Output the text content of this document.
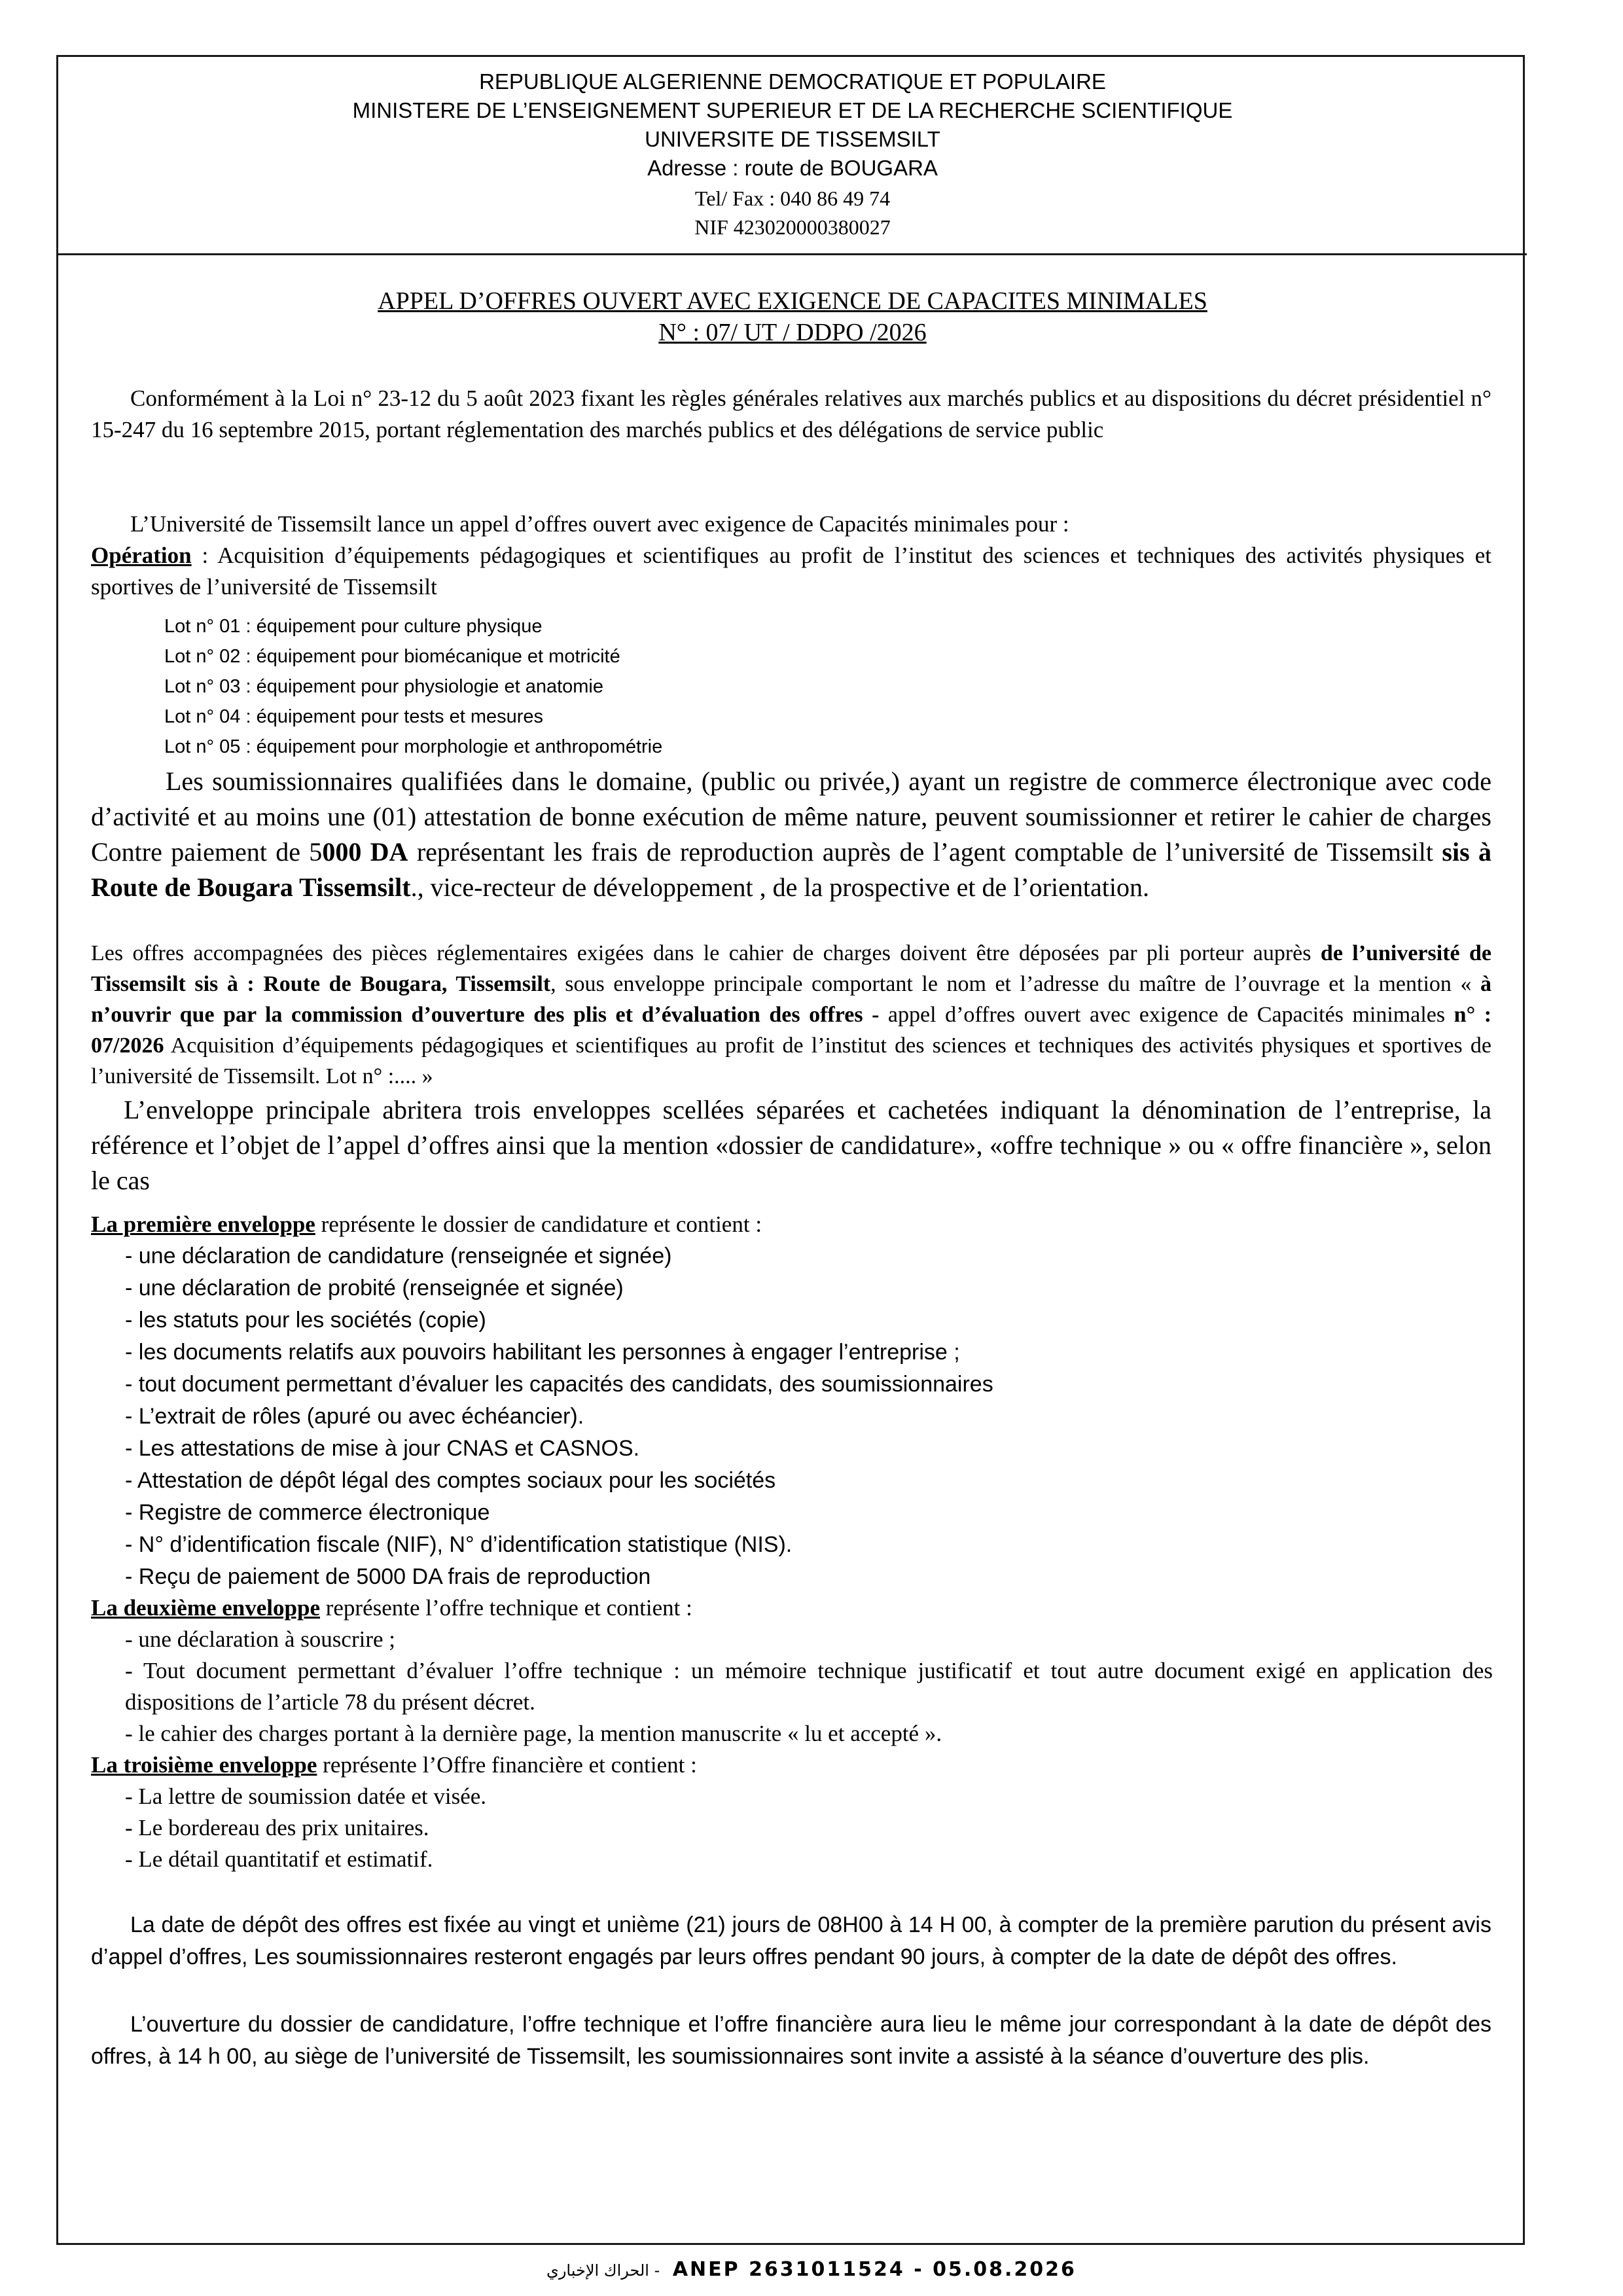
REPUBLIQUE ALGERIENNE DEMOCRATIQUE ET POPULAIRE
MINISTERE DE L’ENSEIGNEMENT SUPERIEUR ET DE LA RECHERCHE SCIENTIFIQUE
UNIVERSITE DE TISSEMSILT
Adresse : route de BOUGARA
Tel/ Fax : 040 86 49 74
NIF 423020000380027
APPEL D’OFFRES OUVERT AVEC EXIGENCE DE CAPACITES MINIMALES
N° : 07/ UT / DDPO /2026
Conformément à la Loi n° 23-12 du 5 août 2023 fixant les règles générales relatives aux marchés publics et au dispositions du décret présidentiel n° 15-247 du 16 septembre 2015, portant réglementation des marchés publics et des délégations de service public
L’Université de Tissemsilt lance un appel d’offres ouvert avec exigence de Capacités minimales pour :
Opération : Acquisition d’équipements pédagogiques et scientifiques au profit de l’institut des sciences et techniques des activités physiques et sportives de l’université de Tissemsilt
Lot n° 01 : équipement pour culture physique
Lot n° 02 : équipement pour biomécanique et motricité
Lot n° 03 : équipement pour physiologie et anatomie
Lot n° 04 : équipement pour tests et mesures
Lot n° 05 : équipement pour morphologie et anthropométrie
Les soumissionnaires qualifiées dans le domaine, (public ou privée,) ayant un registre de commerce électronique avec code d’activité et au moins une (01) attestation de bonne exécution de même nature, peuvent soumissionner et retirer le cahier de charges Contre paiement de 5000 DA représentant les frais de reproduction auprès de l’agent comptable de l’université de Tissemsilt sis à Route de Bougara Tissemsilt., vice-recteur de développement , de la prospective et de l’orientation.
Les offres accompagnées des pièces réglementaires exigées dans le cahier de charges doivent être déposées par pli porteur auprès de l’université de Tissemsilt sis à : Route de Bougara, Tissemsilt, sous enveloppe principale comportant le nom et l’adresse du maître de l’ouvrage et la mention « à n’ouvrir que par la commission d’ouverture des plis et d’évaluation des offres - appel d’offres ouvert avec exigence de Capacités minimales n° : 07/2026 Acquisition d’équipements pédagogiques et scientifiques au profit de l’institut des sciences et techniques des activités physiques et sportives de l’université de Tissemsilt. Lot n° :.... »
L’enveloppe principale abritera trois enveloppes scellées séparées et cachetées indiquant la dénomination de l’entreprise, la référence et l’objet de l’appel d’offres ainsi que la mention «dossier de candidature», «offre technique » ou « offre financière », selon le cas
La première enveloppe représente le dossier de candidature et contient :
- une déclaration de candidature (renseignée et signée)
- une déclaration de probité (renseignée et signée)
- les statuts pour les sociétés (copie)
- les documents relatifs aux pouvoirs habilitant les personnes à engager l’entreprise ;
- tout document permettant d’évaluer les capacités des candidats, des soumissionnaires
- L’extrait de rôles (apuré ou avec échéancier).
- Les attestations de mise à jour CNAS et CASNOS.
- Attestation de dépôt légal des comptes sociaux pour les sociétés
- Registre de commerce électronique
- N° d’identification fiscale (NIF), N° d’identification statistique (NIS).
- Reçu de paiement de 5000 DA frais de reproduction
La deuxième enveloppe représente l’offre technique et contient :
- une déclaration à souscrire ;
- Tout document permettant d’évaluer l’offre technique : un mémoire technique justificatif et tout autre document exigé en application des dispositions de l’article 78 du présent décret.
- le cahier des charges portant à la dernière page, la mention manuscrite « lu et accepté ».
La troisième enveloppe représente l’Offre financière et contient :
- La lettre de soumission datée et visée.
- Le bordereau des prix unitaires.
- Le détail quantitatif et estimatif.
La date de dépôt des offres est fixée au vingt et unième (21) jours de 08H00 à 14 H 00, à compter de la première parution du présent avis d’appel d’offres, Les soumissionnaires resteront engagés par leurs offres pendant 90 jours, à compter de la date de dépôt des offres.
L’ouverture du dossier de candidature, l’offre technique et l’offre financière aura lieu le même jour correspondant à la date de dépôt des offres, à 14 h 00, au siège de l’université de Tissemsilt, les soumissionnaires sont invite a assisté à la séance d’ouverture des plis.
الحراك الإخباري - ANEP 2631011524 - 05.08.2026
